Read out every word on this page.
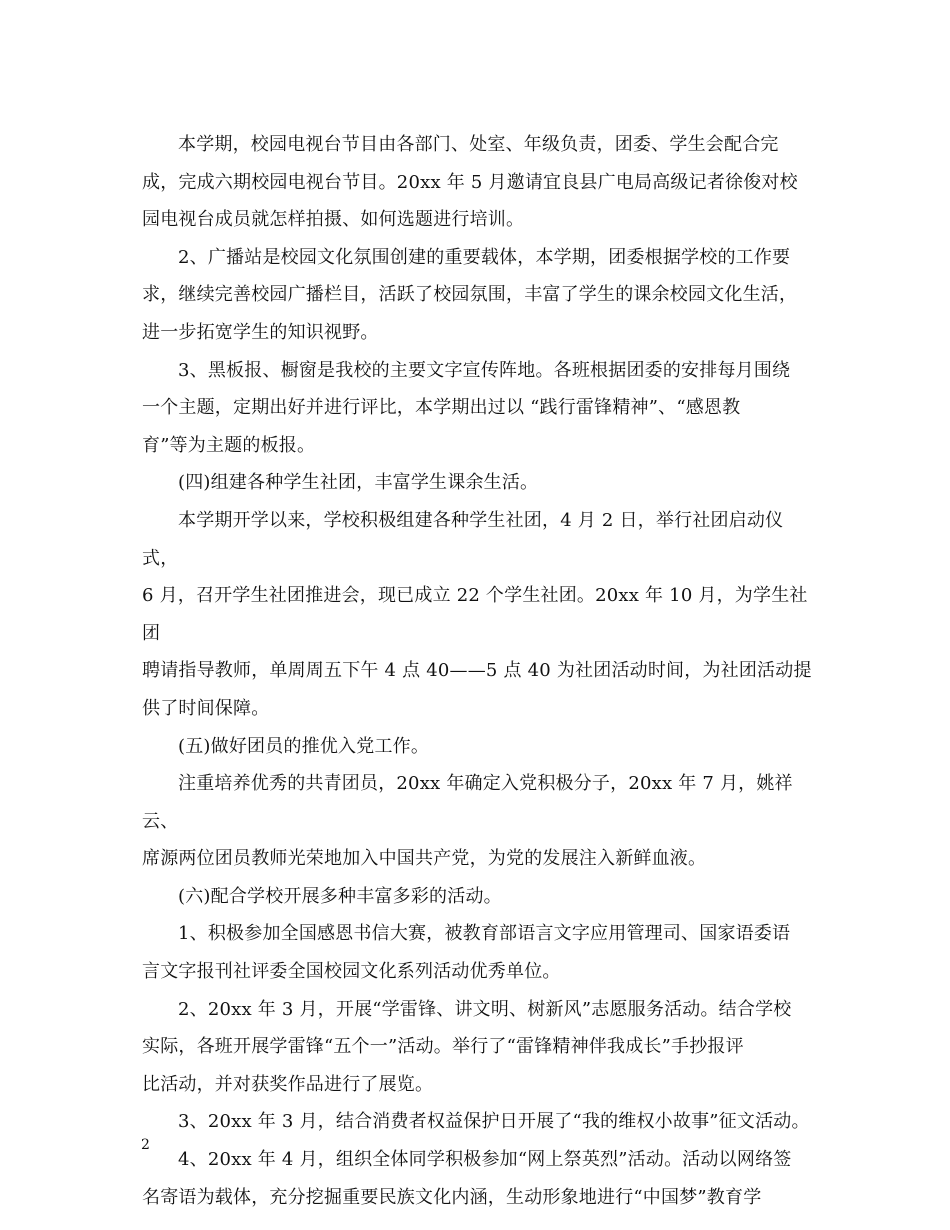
本学期，校园电视台节目由各部门、处室、年级负责，团委、学生会配合完
成，完成六期校园电视台节目。20xx 年 5 月邀请宜良县广电局高级记者徐俊对校
园电视台成员就怎样拍摄、如何选题进行培训。

2、广播站是校园文化氛围创建的重要载体，本学期，团委根据学校的工作要
求，继续完善校园广播栏目，活跃了校园氛围，丰富了学生的课余校园文化生活，
进一步拓宽学生的知识视野。

3、黑板报、橱窗是我校的主要文字宣传阵地。各班根据团委的安排每月围绕
一个主题，定期出好并进行评比，本学期出过以 “践行雷锋精神”、“感恩教
育”等为主题的板报。

(四)组建各种学生社团，丰富学生课余生活。

本学期开学以来，学校积极组建各种学生社团，4 月 2 日，举行社团启动仪式，
6 月，召开学生社团推进会，现已成立 22 个学生社团。20xx 年 10 月，为学生社团
聘请指导教师，单周周五下午 4 点 40——5 点 40 为社团活动时间，为社团活动提
供了时间保障。

(五)做好团员的推优入党工作。

注重培养优秀的共青团员，20xx 年确定入党积极分子，20xx 年 7 月，姚祥云、
席源两位团员教师光荣地加入中国共产党，为党的发展注入新鲜血液。

(六)配合学校开展多种丰富多彩的活动。

1、积极参加全国感恩书信大赛，被教育部语言文字应用管理司、国家语委语
言文字报刊社评委全国校园文化系列活动优秀单位。

2、20xx 年 3 月，开展“学雷锋、讲文明、树新风”志愿服务活动。结合学校
实际，各班开展学雷锋“五个一”活动。举行了“雷锋精神伴我成长”手抄报评
比活动，并对获奖作品进行了展览。

3、20xx 年 3 月，结合消费者权益保护日开展了“我的维权小故事”征文活动。

4、20xx 年 4 月，组织全体同学积极参加“网上祭英烈”活动。活动以网络签
名寄语为载体，充分挖掘重要民族文化内涵，生动形象地进行“中国梦”教育学

2
